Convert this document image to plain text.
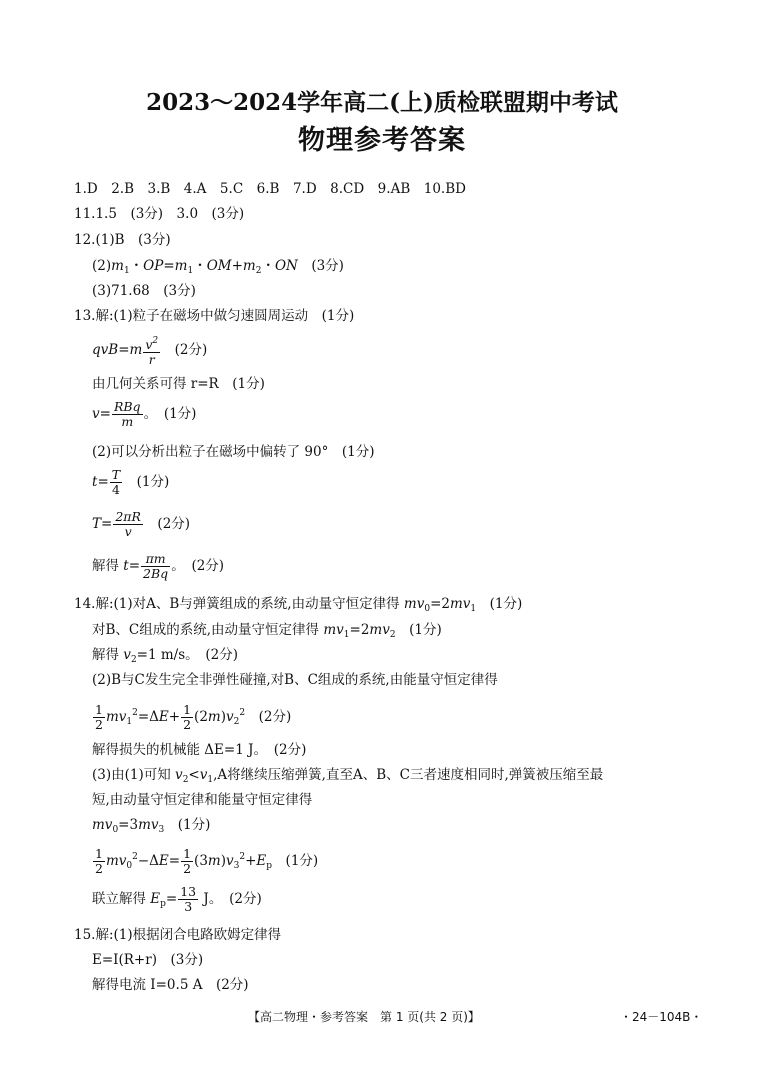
2023～2024学年高二(上)质检联盟期中考试
物理参考答案
1.D　2.B　3.B　4.A　5.C　6.B　7.D　8.CD　9.AB　10.BD
11.1.5　(3分)　3.0　(3分)
12.(1)B　(3分)
$(2)m_1$・$OP=m_1$・$OM+m_2$・ON　 (3分)
(3)71.68　(3分)
13.解:(1)粒子在磁场中做匀速圆周运动　(1分)
$qvB=m \frac{v^2}{r}$
　 (2分)
由几何关系可得 r=R　(1分)
$v= \frac{\text{RBq}}{m}$ 。　(1分)
(2)可以分析出粒子在磁场中偏转了 90°　(1分)
$t= \frac{T}{4}$
　 (1分)
$T= \frac{2\pi R}{v}$
　 (2分)
解得 $t= \frac{\pi m}{2Bq}$ 。　(2分)
14.解:(1)对A、B与弹簧组成的系统,由动量守恒定律得 $mv_0=2mv_1$　 (1分)
对B、C组成的系统,由动量守恒定律得 $mv_1=2mv_2$　 (1分)
解得 $v_2=1$ m/s。　(2分)
(2)B与C发生完全非弹性碰撞,对B、C组成的系统,由能量守恒定律得
$\frac{1}{2} mv_1^2=\Delta E+ \frac{1}{2} (2m)v_2^2$　 (2分)
解得损失的机械能 ΔE=1 J。　(2分)
(3)由(1)可知 $v_2<v_1,A$将继续压缩弹簧,直至A、B、C三者速度相同时,弹簧被压缩至最
短,由动量守恒定律和能量守恒定律得
$mv_0=3mv_3$　 (1分)
$\frac{1}{2} mv_0^2-\Delta E= \frac{1}{2} (3m)v_3^2+E_p$　 (1分)
联立解得 $E_p= \frac{13}{3}$ J。　(2分)
15.解:(1)根据闭合电路欧姆定律得
E=I(R+r)　(3分)
解得电流 I=0.5 A　(2分)
【高二物理・参考答案　第 1 页(共 2 页)】	・24－104B・
